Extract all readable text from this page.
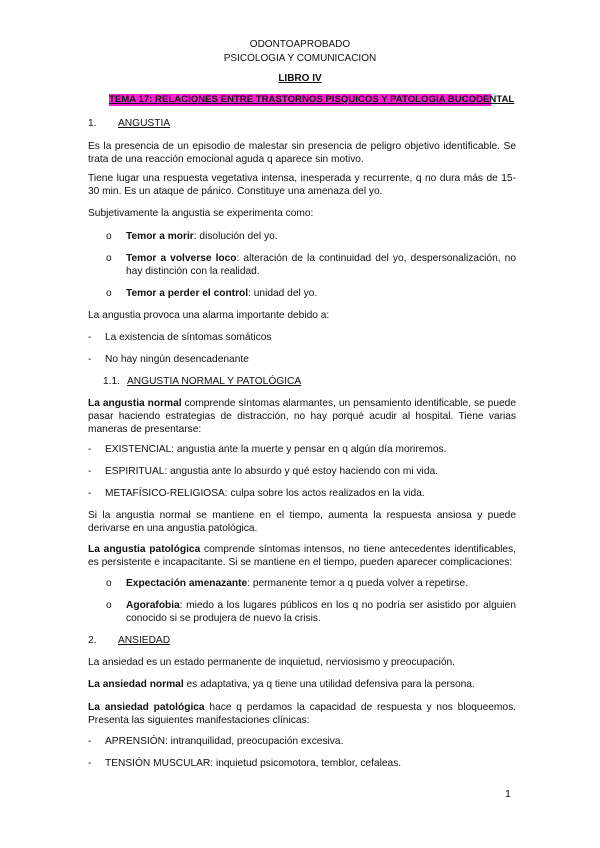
ODONTOAPROBADO
PSICOLOGIA Y COMUNICACION
LIBRO IV
TEMA 17: RELACIONES ENTRE TRASTORNOS PISQUICOS Y PATOLOGIA BUCODENTAL
1. ANGUSTIA
Es la presencia de un episodio de malestar sin presencia de peligro objetivo identificable. Se trata de una reacción emocional aguda q aparece sin motivo.
Tiene lugar una respuesta vegetativa intensa, inesperada y recurrente, q no dura más de 15-30 min. Es un ataque de pánico. Constituye una amenaza del yo.
Subjetivamente la angustia se experimenta como:
o	Temor a morir: disolución del yo.
o	Temor a volverse loco: alteración de la continuidad del yo, despersonalización, no hay distinción con la realidad.
o	Temor a perder el control: unidad del yo.
La angustia provoca una alarma importante debido a:
-	La existencia de síntomas somáticos
-	No hay ningún desencadenante
1.1. ANGUSTIA NORMAL Y PATOLÓGICA
La angustia normal comprende síntomas alarmantes, un pensamiento identificable, se puede pasar haciendo estrategias de distracción, no hay porqué acudir al hospital. Tiene varias maneras de presentarse:
-	EXISTENCIAL: angustia ante la muerte y pensar en q algún día moriremos.
-	ESPIRITUAL: angustia ante lo absurdo y qué estoy haciendo con mi vida.
-	METAFÍSICO-RELIGIOSA: culpa sobre los actos realizados en la vida.
Si la angustia normal se mantiene en el tiempo, aumenta la respuesta ansiosa y puede derivarse en una angustia patológica.
La angustia patológica comprende síntomas intensos, no tiene antecedentes identificables, es persistente e incapacitante. Si se mantiene en el tiempo, pueden aparecer complicaciones:
o	Expectación amenazante: permanente temor a q pueda volver a repetirse.
o	Agorafobia: miedo a los lugares públicos en los q no podría ser asistido por alguien conocido si se produjera de nuevo la crisis.
2. ANSIEDAD
La ansiedad es un estado permanente de inquietud, nerviosismo y preocupación.
La ansiedad normal es adaptativa, ya q tiene una utilidad defensiva para la persona.
La ansiedad patológica hace q perdamos la capacidad de respuesta y nos bloqueemos. Presenta las siguientes manifestaciones clínicas:
-	APRENSIÓN: intranquilidad, preocupación excesiva.
-	TENSIÓN MUSCULAR: inquietud psicomotora, temblor, cefaleas.
1
